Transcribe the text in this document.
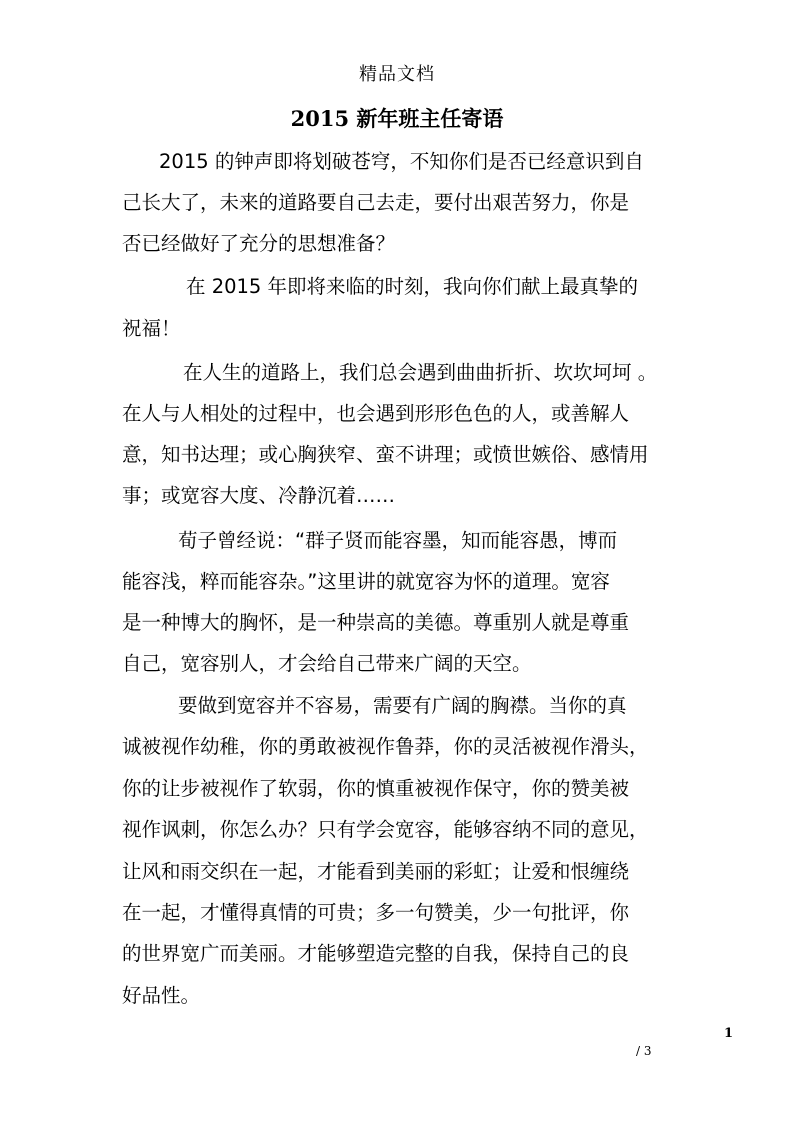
精品文档
2015 新年班主任寄语
2015 的钟声即将划破苍穹，不知你们是否已经意识到自
己长大了，未来的道路要自己去走，要付出艰苦努力，你是
否已经做好了充分的思想准备？
在 2015 年即将来临的时刻，我向你们献上最真挚的
祝福！
在人生的道路上，我们总会遇到曲曲折折、坎坎坷坷 。
在人与人相处的过程中，也会遇到形形色色的人，或善解人
意，知书达理；或心胸狭窄、蛮不讲理；或愤世嫉俗、感情用
事；或宽容大度、冷静沉着……
荀子曾经说：“群子贤而能容墨，知而能容愚，博而
能容浅，粹而能容杂。”这里讲的就宽容为怀的道理。宽容
是一种博大的胸怀，是一种崇高的美德。尊重别人就是尊重
自己，宽容别人，才会给自己带来广阔的天空。
要做到宽容并不容易，需要有广阔的胸襟。当你的真
诚被视作幼稚，你的勇敢被视作鲁莽，你的灵活被视作滑头，
你的让步被视作了软弱，你的慎重被视作保守，你的赞美被
视作讽刺，你怎么办？只有学会宽容，能够容纳不同的意见，
让风和雨交织在一起，才能看到美丽的彩虹；让爱和恨缠绕
在一起，才懂得真情的可贵；多一句赞美，少一句批评，你
的世界宽广而美丽。才能够塑造完整的自我，保持自己的良
好品性。
1
/ 3
